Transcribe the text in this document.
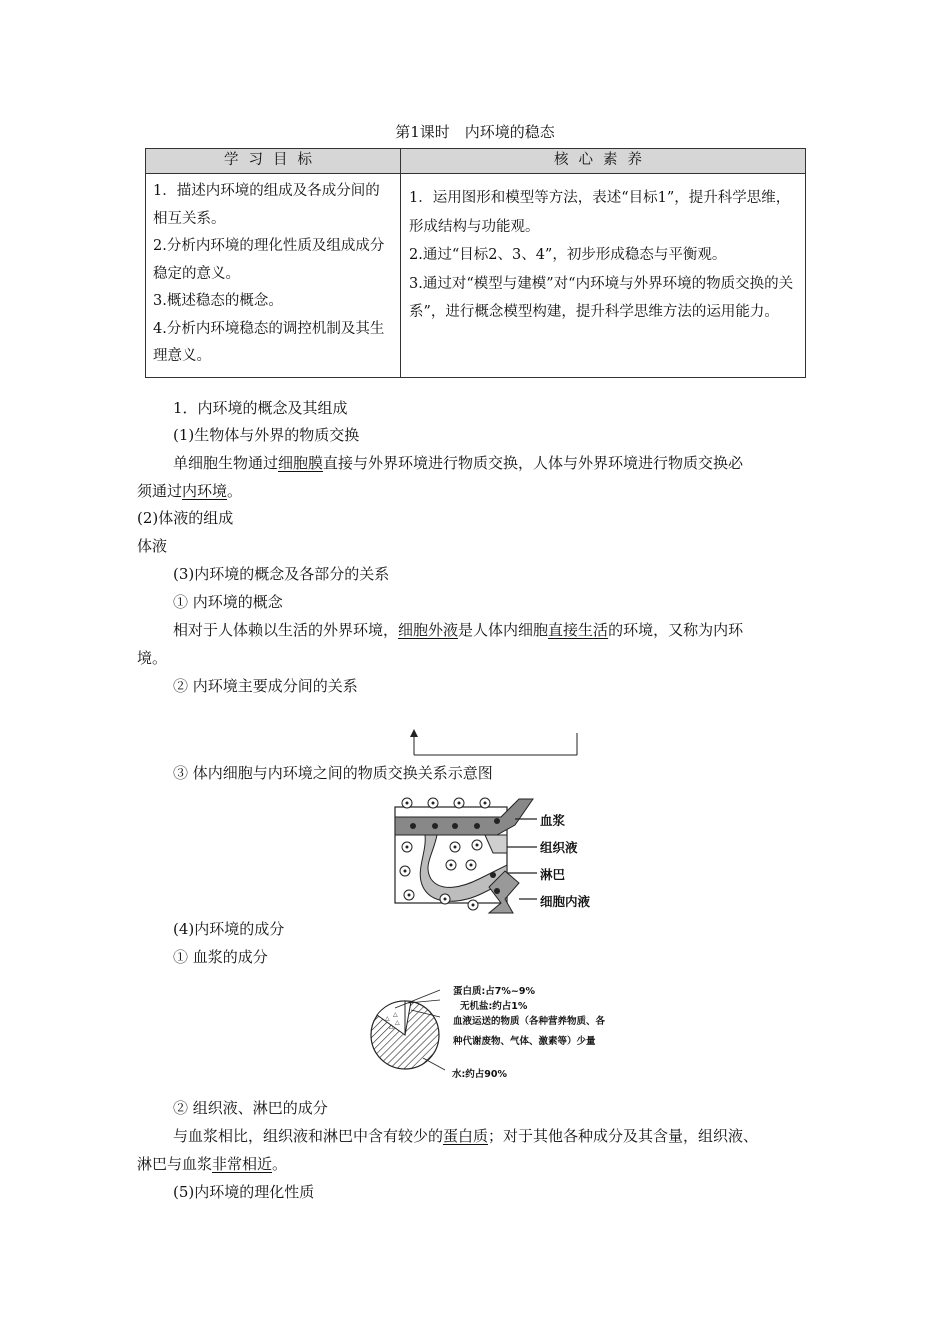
第1课时　内环境的稳态
学习目标	核心素养

1．描述内环境的组成及各成分间的相互关系。
2.分析内环境的理化性质及组成成分稳定的意义。
3.概述稳态的概念。
4.分析内环境稳态的调控机制及其生理意义。	1．运用图形和模型等方法，表述“目标1”，提升科学思维，形成结构与功能观。
2.通过“目标2、3、4”，初步形成稳态与平衡观。
3.通过对“模型与建模”对“内环境与外界环境的物质交换的关系”，进行概念模型构建，提升科学思维方法的运用能力。
1．内环境的概念及其组成
(1)生物体与外界的物质交换
单细胞生物通过细胞膜直接与外界环境进行物质交换，人体与外界环境进行物质交换必
须通过内环境。
(2)体液的组成
体液
(3)内环境的概念及各部分的关系
① 内环境的概念
相对于人体赖以生活的外界环境，细胞外液是人体内细胞直接生活的环境，又称为内环
境。
② 内环境主要成分间的关系
③ 体内细胞与内环境之间的物质交换关系示意图
血浆
组织液
淋巴
细胞内液
(4)内环境的成分
① 血浆的成分
△
△
△
△
蛋白质:占7%~9%
无机盐:约占1%
血液运送的物质（各种营养物质、各
种代谢废物、气体、激素等）少量
水:约占90%
② 组织液、淋巴的成分
与血浆相比，组织液和淋巴中含有较少的蛋白质；对于其他各种成分及其含量，组织液、
淋巴与血浆非常相近。
(5)内环境的理化性质
